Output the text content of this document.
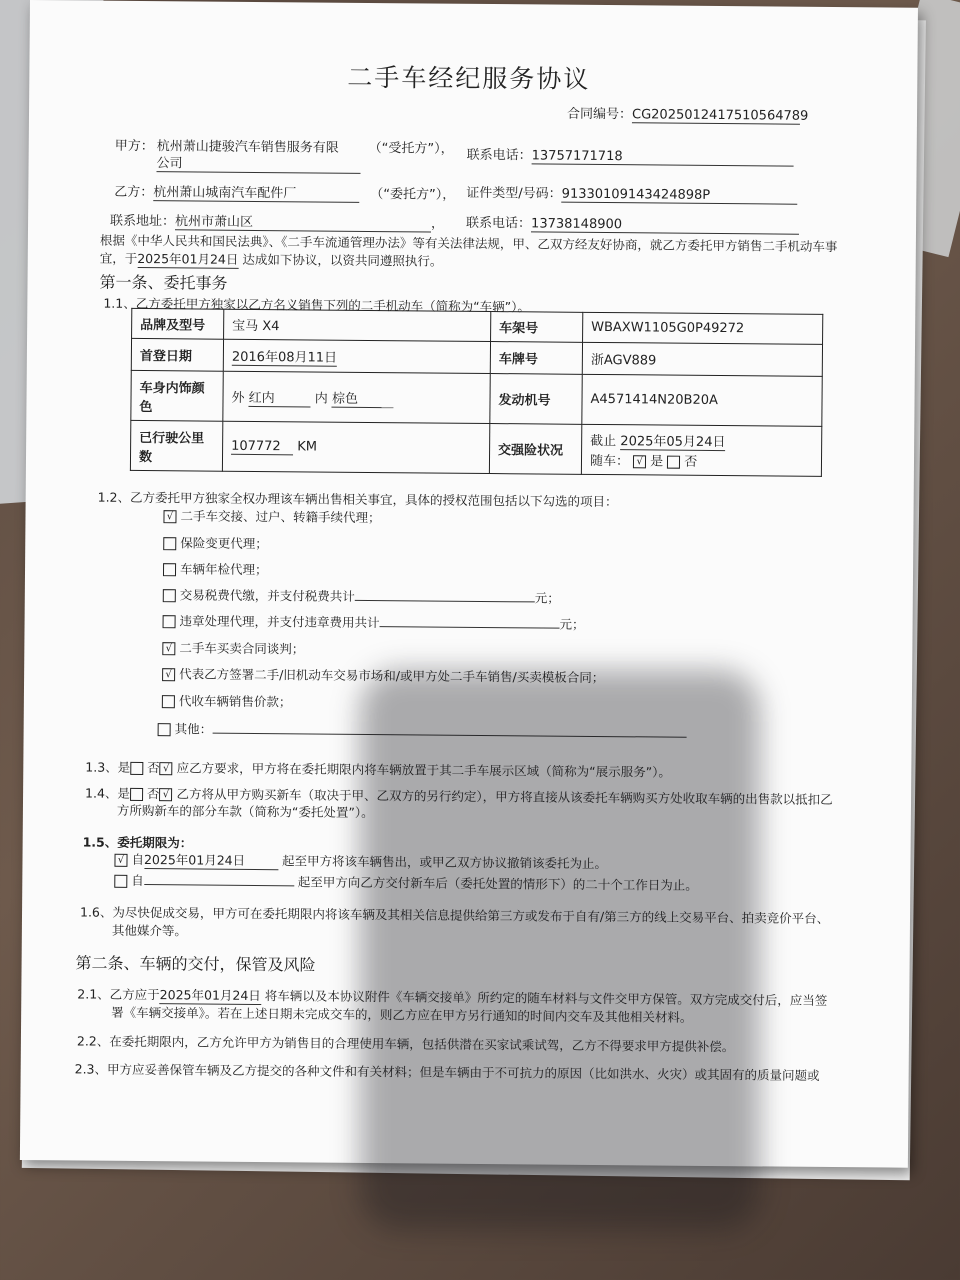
二手车经纪服务协议
合同编号：CG20250124175105647​89
甲方： 杭州萧山捷骏汽车销售服务有限 （“受托方”），
公司
联系电话：13757171718
乙方：杭州萧山城南汽车配件厂	（“委托方”）， 证件类型/号码：91330109143424898P
联系地址：杭州市萧山区	， 联系电话：13738148900
根据《中华人民共和国民法典》、《二手车流通管理办法》等有关法律法规，甲、乙双方经友好协商，就乙方委托甲方销售二手机动车事
宜，于2025年01月24日 达成如下协议，以资共同遵照执行。
第一条、委托事务
1.1、乙方委托甲方独家以乙方名义销售下列的二手机动车（简称为“车辆”）。
品牌及型号	宝马 X4	车架号	WBAXW1105G0P49272
首登日期	2016年08月11日	车牌号	浙AGV889
车身内饰颜色	外 红内 内 棕色	发动机号	A4571414N20B20A
已行驶公里数	107772 KM	交强险状况	截止 2025年05月24日
随车： √ 是 否
1.2、乙方委托甲方独家全权办理该车辆出售相关事宜，具体的授权范围包括以下勾选的项目：
√ 二手车交接、过户、转籍手续代理；
保险变更代理；
车辆年检代理；
交易税费代缴，并支付税费共计	元；
违章处理代理，并支付违章费用共计	元；
√ 二手车买卖合同谈判；
√ 代表乙方签署二手/旧机动车交易市场和/或甲方处二手车销售/买卖模板合同；
代收车辆销售价款；
其他：
1.3、是 否 √ 应乙方要求，甲方将在委托期限内将车辆放置于其二手车展示区域（简称为“展示服务”）。
1.4、是 否 √ 乙方将从甲方购买新车（取决于甲、乙双方的另行约定），甲方将直接从该委托车辆购买方处收取车辆的出售款以抵扣乙
方所购新车的部分车款（简称为“委托处置”）。
1.5、委托期限为：
√ 自2025年01月24日	起至甲方将该车辆售出，或甲乙双方协议撤销该委托为止。
自	起至甲方向乙方交付新车后（委托处置的情形下）的二十个工作日为止。
1.6、为尽快促成交易，甲方可在委托期限内将该车辆及其相关信息提供给第三方或发布于自有/第三方的线上交易平台、拍卖竞价平台、
其他媒介等。
第二条、车辆的交付，保管及风险
2.1、乙方应于2025年01月24日 将车辆以及本协议附件《车辆交接单》所约定的随车材料与文件交甲方保管。双方完成交付后，应当签
署《车辆交接单》。若在上述日期未完成交车的，则乙方应在甲方另行通知的时间内交车及其他相关材料。
2.2、在委托期限内，乙方允许甲方为销售目的合理使用车辆，包括供潜在买家试乘试驾，乙方不得要求甲方提供补偿。
2.3、甲方应妥善保管车辆及乙方提交的各种文件和有关材料；但是车辆由于不可抗力的原因（比如洪水、火灾）或其固有的质量问题或
